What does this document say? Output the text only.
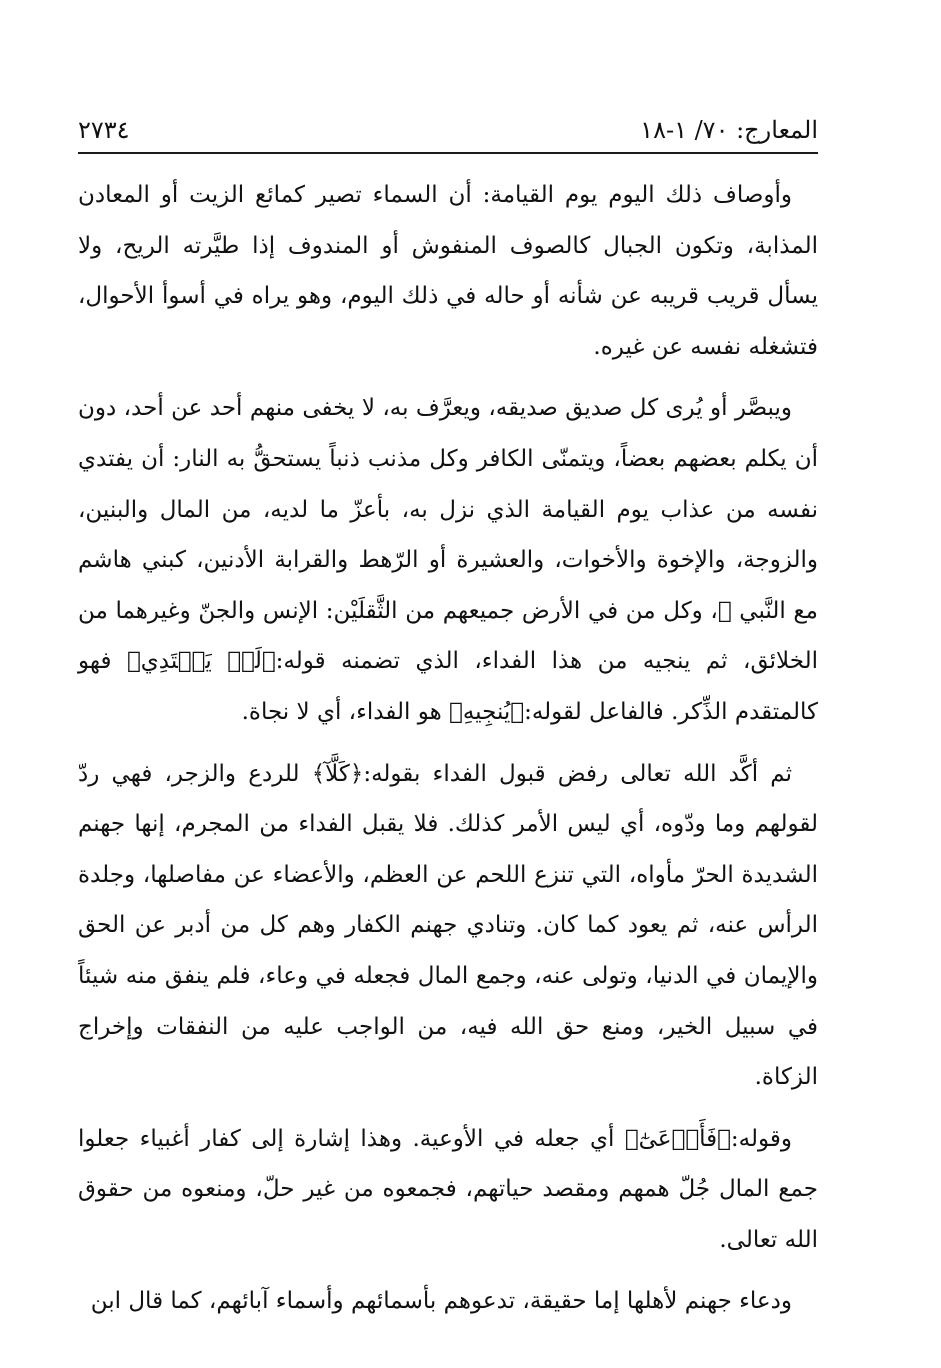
المعارج: ٧٠/ ١-١٨
٢٧٣٤

وأوصاف ذلك اليوم يوم القيامة: أن السماء تصير كمائع الزيت أو المعادن المذابة، وتكون الجبال كالصوف المنفوش أو المندوف إذا طيَّرته الريح، ولا يسأل قريب قريبه عن شأنه أو حاله في ذلك اليوم، وهو يراه في أسوأ الأحوال، فتشغله نفسه عن غيره.

ويبصَّر أو يُرى كل صديق صديقه، ويعرَّف به، لا يخفى منهم أحد عن أحد، دون أن يكلم بعضهم بعضاً، ويتمنّى الكافر وكل مذنب ذنباً يستحقُّ به النار: أن يفتدي نفسه من عذاب يوم القيامة الذي نزل به، بأعزّ ما لديه، من المال والبنين، والزوجة، والإخوة والأخوات، والعشيرة أو الرّهط والقرابة الأدنين، كبني هاشم مع النَّبي ﷺ، وكل من في الأرض جميعهم من الثَّقلَيْن: الإنس والجنّ وغيرهما من الخلائق، ثم ينجيه من هذا الفداء، الذي تضمنه قوله:﴿لَوۡ يَفۡتَدِي﴾ فهو كالمتقدم الذِّكر. فالفاعل لقوله:﴿يُنجِيهِ﴾ هو الفداء، أي لا نجاة.

ثم أكَّد الله تعالى رفض قبول الفداء بقوله:﴿كَلَّآ﴾ للردع والزجر، فهي ردّ لقولهم وما ودّوه، أي ليس الأمر كذلك. فلا يقبل الفداء من المجرم، إنها جهنم الشديدة الحرّ مأواه، التي تنزع اللحم عن العظم، والأعضاء عن مفاصلها، وجلدة الرأس عنه، ثم يعود كما كان. وتنادي جهنم الكفار وهم كل من أدبر عن الحق والإيمان في الدنيا، وتولى عنه، وجمع المال فجعله في وعاء، فلم ينفق منه شيئاً في سبيل الخير، ومنع حق الله فيه، من الواجب عليه من النفقات وإخراج الزكاة.

وقوله:﴿فَأَوۡعَىٰٓ﴾ أي جعله في الأوعية. وهذا إشارة إلى كفار أغبياء جعلوا جمع المال جُلّ همهم ومقصد حياتهم، فجمعوه من غير حلّ، ومنعوه من حقوق الله تعالى.

ودعاء جهنم لأهلها إما حقيقة، تدعوهم بأسمائهم وأسماء آبائهم، كما قال ابن
